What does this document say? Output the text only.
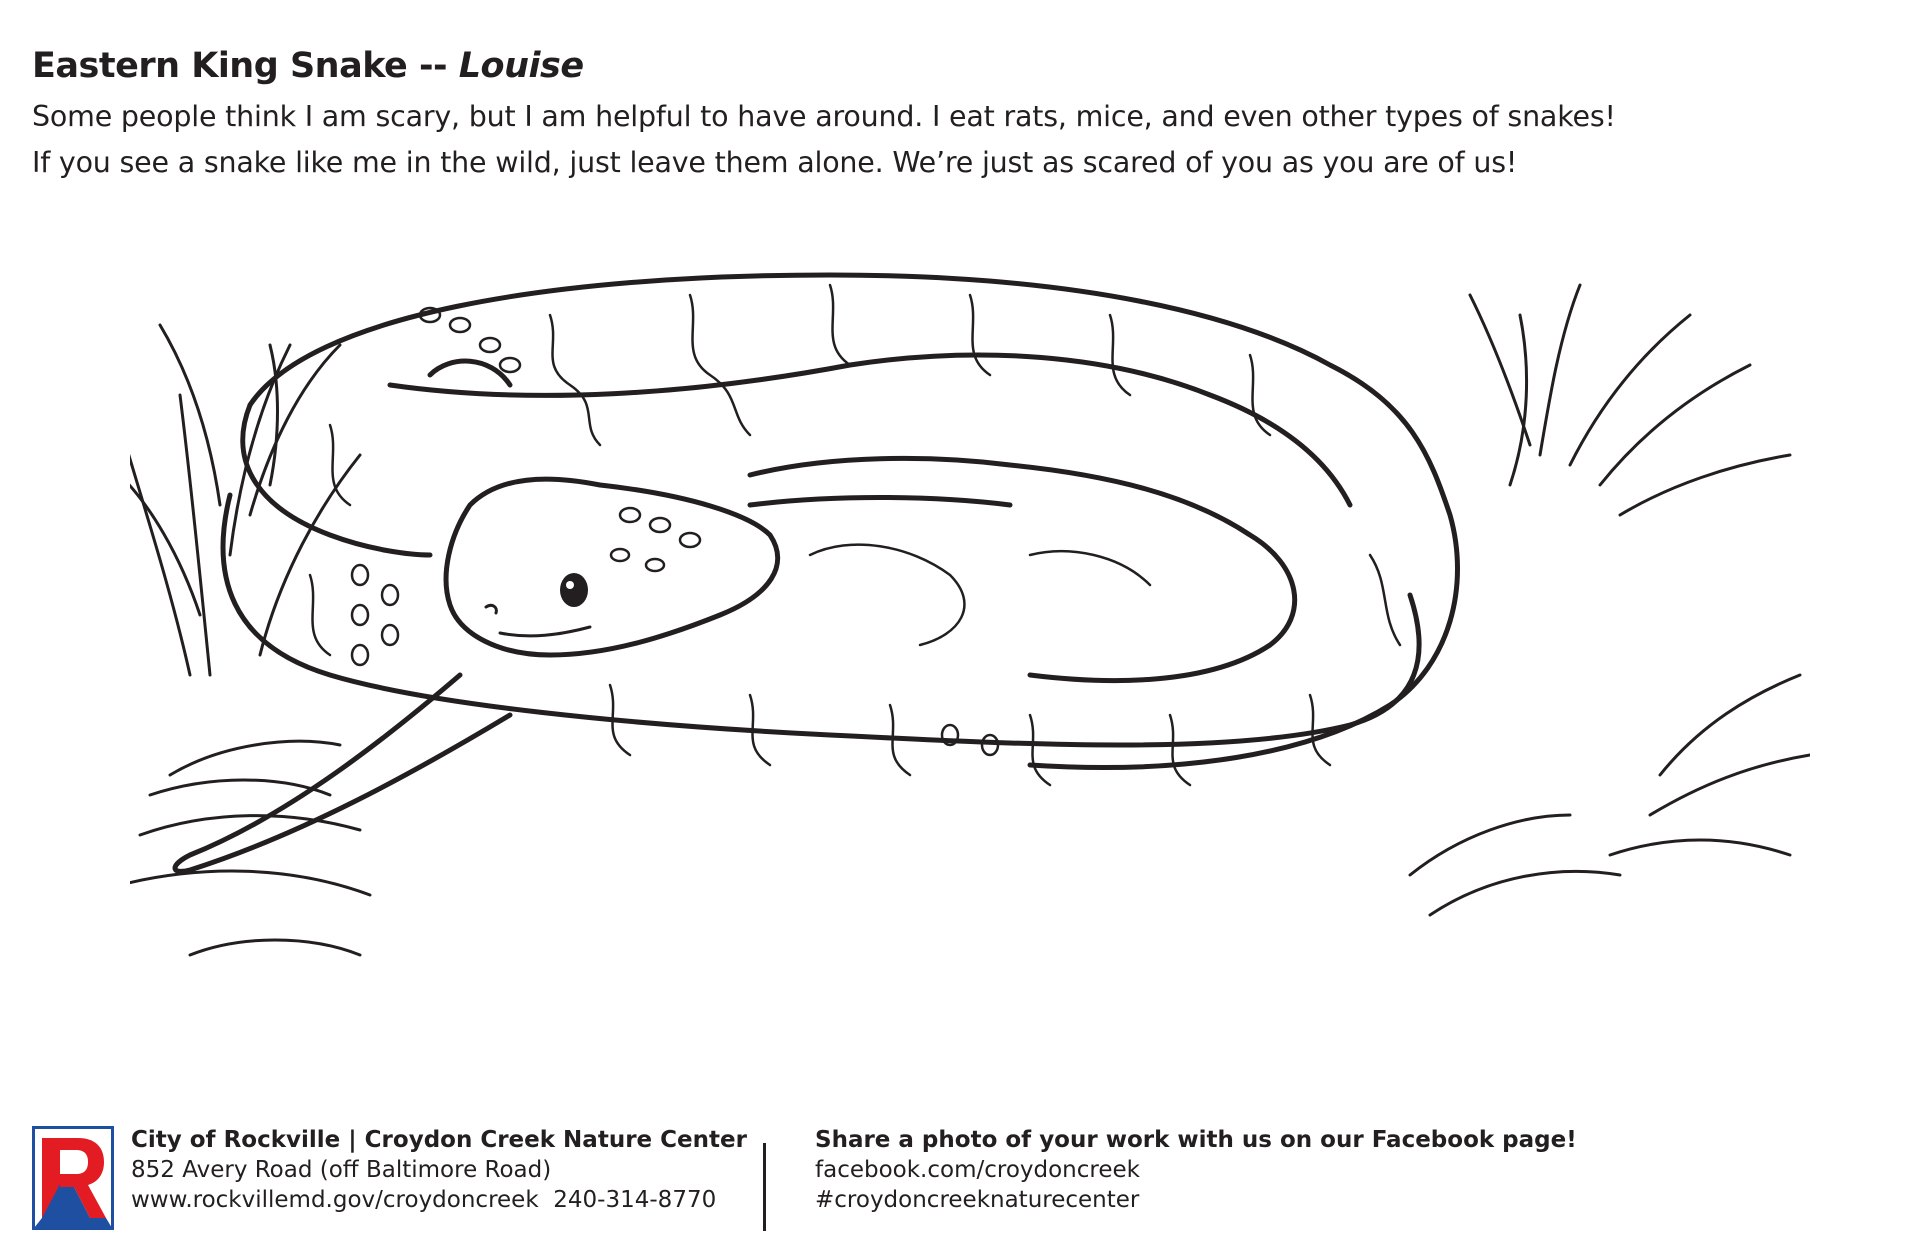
Eastern King Snake -- Louise

Some people think I am scary, but I am helpful to have around. I eat rats, mice, and even other types of snakes!
If you see a snake like me in the wild, just leave them alone. We’re just as scared of you as you are of us!

City of Rockville | Croydon Creek Nature Center
852 Avery Road (off Baltimore Road)
www.rockvillemd.gov/croydoncreek 240-314-8770
Share a photo of your work with us on our Facebook page!
facebook.com/croydoncreek
#croydoncreeknaturecenter
